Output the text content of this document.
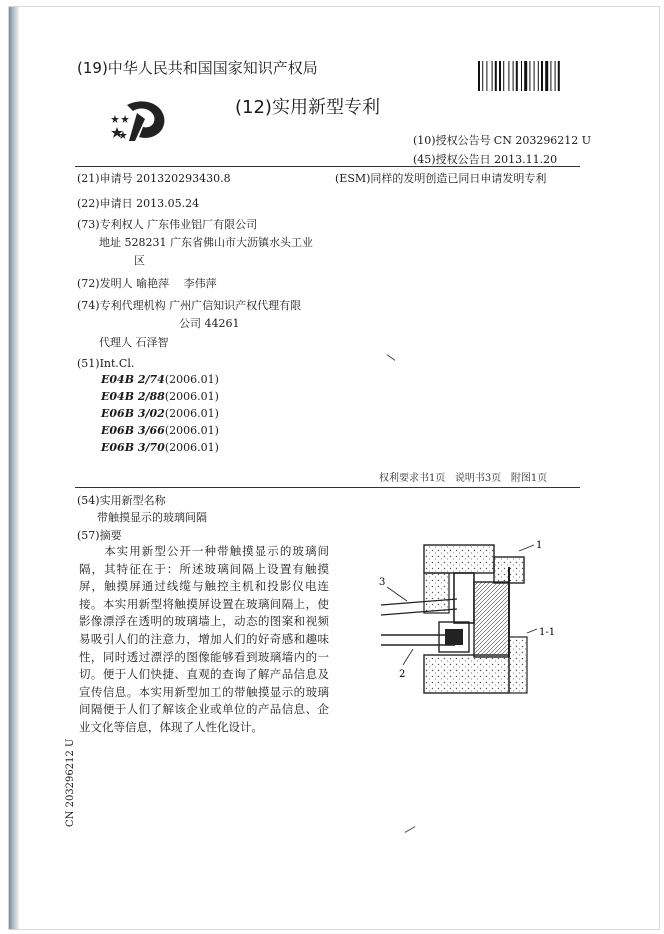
(19)中华人民共和国国家知识产权局
(12)实用新型专利
(10)授权公告号 CN 203296212 U
(45)授权公告日 2013.11.20
(21)申请号 201320293430.8	(ESM)同样的发明创造已同日申请发明专利
(22)申请日 2013.05.24
(73)专利权人 广东伟业铝厂有限公司
地址 528231 广东省佛山市大沥镇水头工业
区
(72)发明人 喻艳萍　 李伟萍
(74)专利代理机构 广州广信知识产权代理有限
公司 44261
代理人 石泽智
(51)Int.Cl.
E04B 2/74(2006.01)
E04B 2/88(2006.01)
E06B 3/02(2006.01)
E06B 3/66(2006.01)
E06B 3/70(2006.01)
权利要求书1页 说明书3页 附图1页
(54)实用新型名称
带触摸显示的玻璃间隔
(57)摘要
　　本实用新型公开一种带触摸显示的玻璃间隔，其特征在于：所述玻璃间隔上设置有触摸屏，触摸屏通过线缆与触控主机和投影仪电连接。本实用新型将触摸屏设置在玻璃间隔上，使影像漂浮在透明的玻璃墙上，动态的图案和视频易吸引人们的注意力，增加人们的好奇感和趣味性，同时透过漂浮的图像能够看到玻璃墙内的一切。便于人们快捷、直观的查询了解产品信息及宣传信息。本实用新型加工的带触摸显示的玻璃间隔便于人们了解该企业或单位的产品信息、企业文化等信息，体现了人性化设计。
1
1-1
3
2
CN 203296212 U
